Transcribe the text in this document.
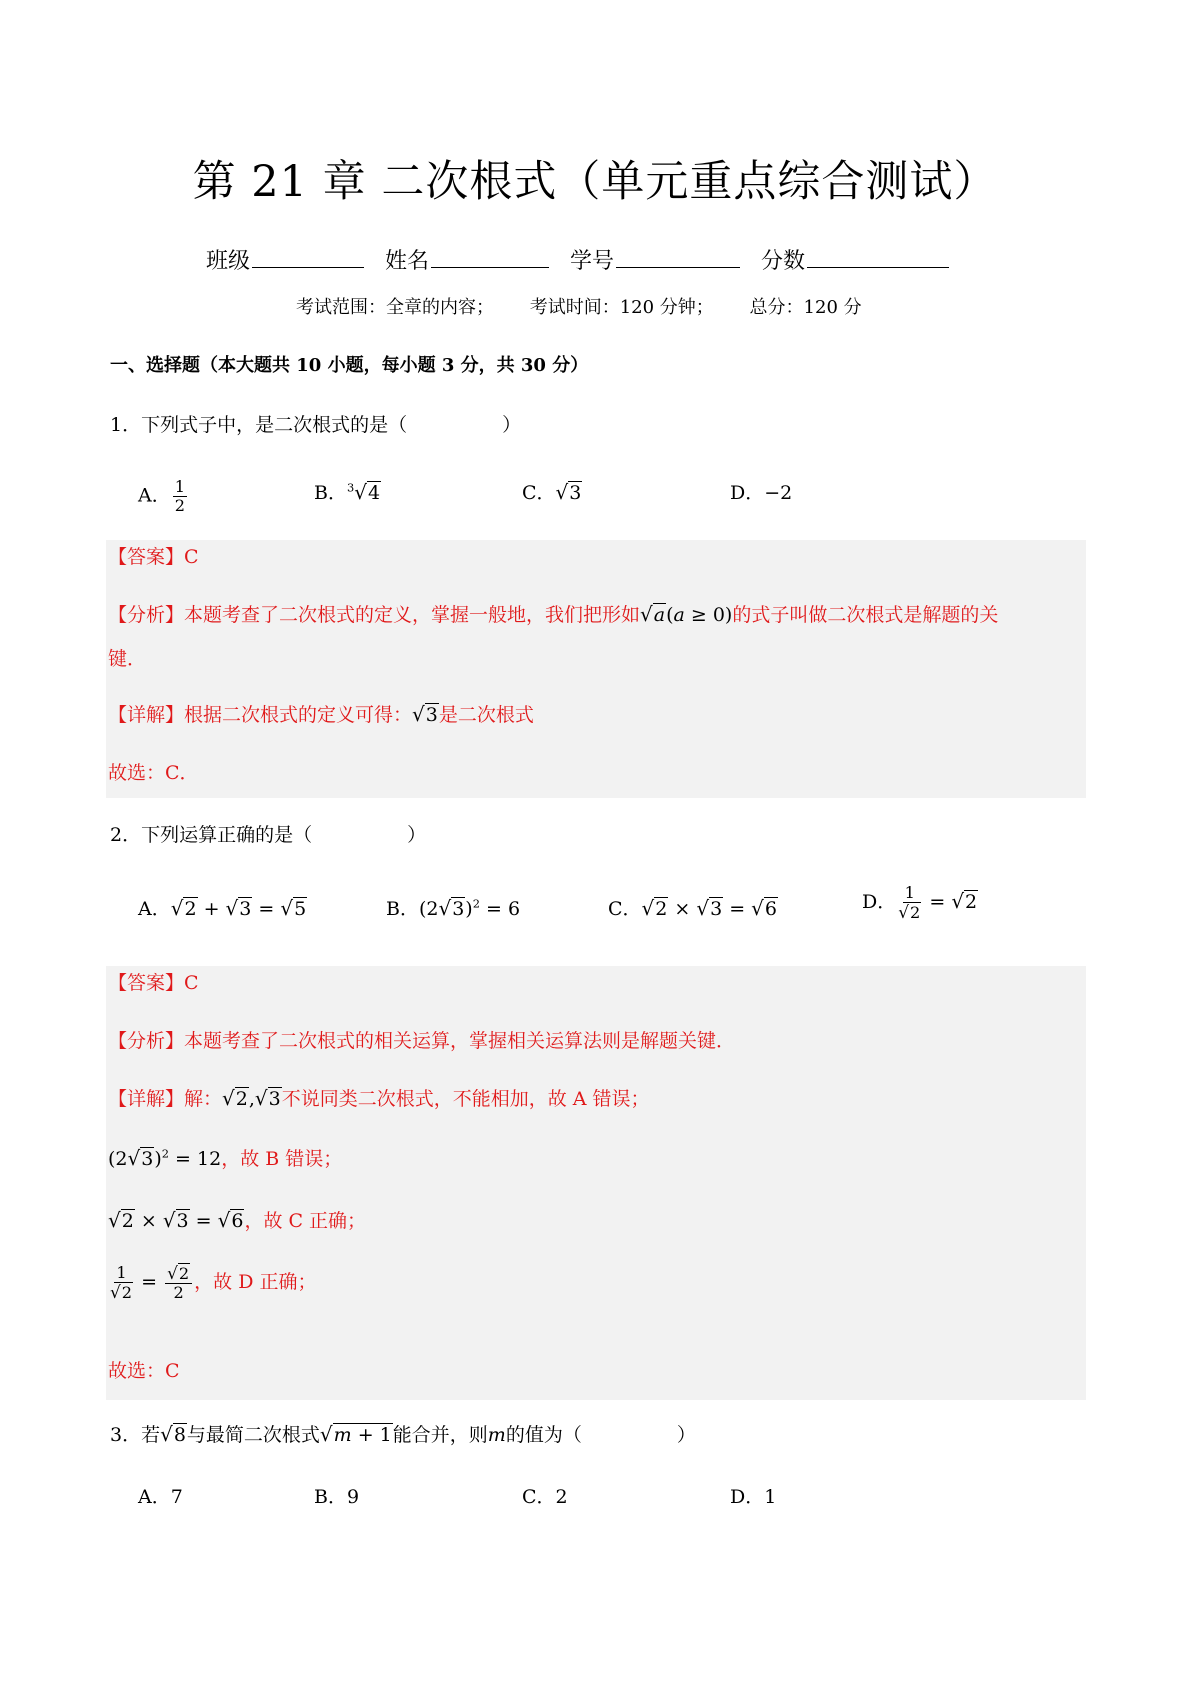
第 21 章 二次根式（单元重点综合测试）
班级	姓名	学号	分数
考试范围：全章的内容； 考试时间：120 分钟； 总分：120 分
一、选择题（本大题共 10 小题，每小题 3 分，共 30 分）
1．下列式子中，是二次根式的是（　　　　　）
A． $\frac{1}{2}$	B．$^3$√4	C．√3	D．−2
【答案】C
【分析】本题考查了二次根式的定义，掌握一般地，我们把形如√a(a ≥ 0)的式子叫做二次根式是解题的关
键．
【详解】根据二次根式的定义可得：√3是二次根式
故选：C．
2．下列运算正确的是（　　　　　）
A．√2 + √3 = √5	B．$(2√3)^2 = 6$	C．√2 × √3 = √6	D． $\frac{1}{√2} = √2$
【答案】C
【分析】本题考查了二次根式的相关运算，掌握相关运算法则是解题关键．
【详解】解：√2,√3不说同类二次根式，不能相加，故 A 错误；
$(2√3)^2 = 12$，故 B 错误；
√2 × √3 = √6，故 C 正确；
$\frac{1}{√2} = \frac{√2}{2}$ ，故 D 正确；
故选：C
3．若√8与最简二次根式√m + 1能合并，则m的值为（　　　　　）
A．7	B．9	C．2	D．1
